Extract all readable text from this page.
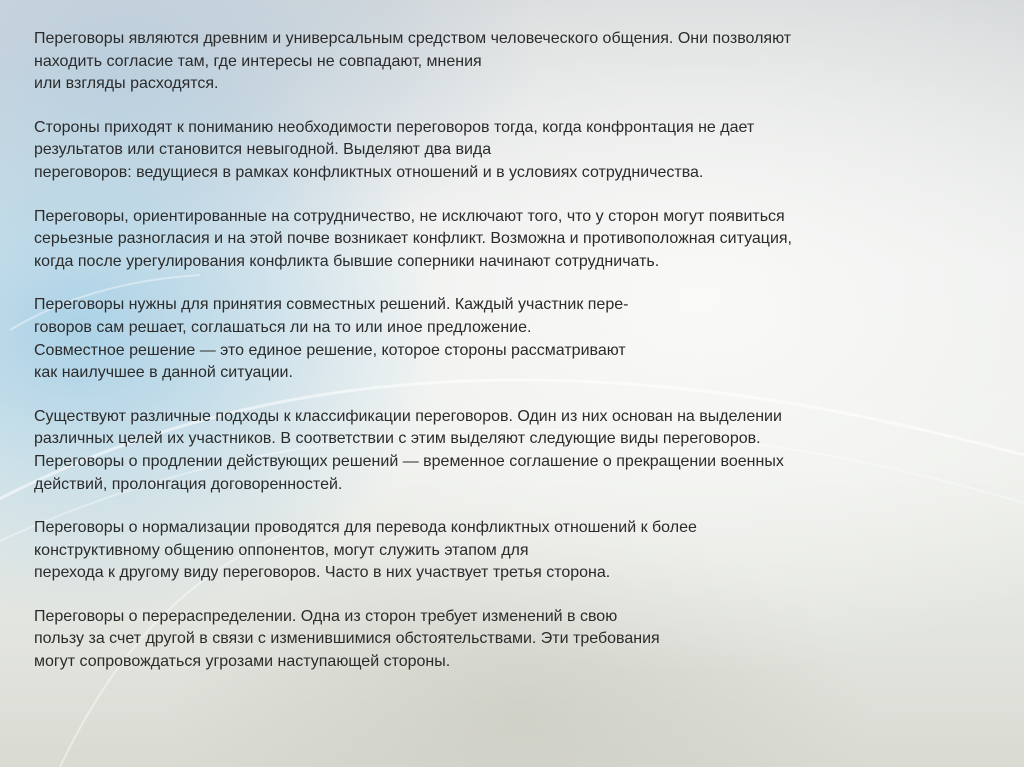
Переговоры являются древним и универсальным средством человеческого общения. Они позволяют
находить согласие там, где интересы не совпадают, мнения
или взгляды расходятся.

Стороны приходят к пониманию необходимости переговоров тогда, когда конфронтация не дает
результатов или становится невыгодной. Выделяют два вида
переговоров: ведущиеся в рамках конфликтных отношений и в условиях сотрудничества.

Переговоры, ориентированные на сотрудничество, не исключают того, что у сторон могут появиться
серьезные разногласия и на этой почве возникает конфликт. Возможна и противоположная ситуация,
когда после урегулирования конфликта бывшие соперники начинают сотрудничать.

Переговоры нужны для принятия совместных решений. Каждый участник пере-
говоров сам решает, соглашаться ли на то или иное предложение.
Совместное решение — это единое решение, которое стороны рассматривают
как наилучшее в данной ситуации.

Существуют различные подходы к классификации переговоров. Один из них основан на выделении
различных целей их участников. В соответствии с этим выделяют следующие виды переговоров.
Переговоры о продлении действующих решений — временное соглашение о прекращении военных
действий, пролонгация договоренностей.

Переговоры о нормализации проводятся для перевода конфликтных отношений к более
конструктивному общению оппонентов, могут служить этапом для
перехода к другому виду переговоров. Часто в них участвует третья сторона.

Переговоры о перераспределении. Одна из сторон требует изменений в свою
пользу за счет другой в связи с изменившимися обстоятельствами. Эти требования
могут сопровождаться угрозами наступающей стороны.
